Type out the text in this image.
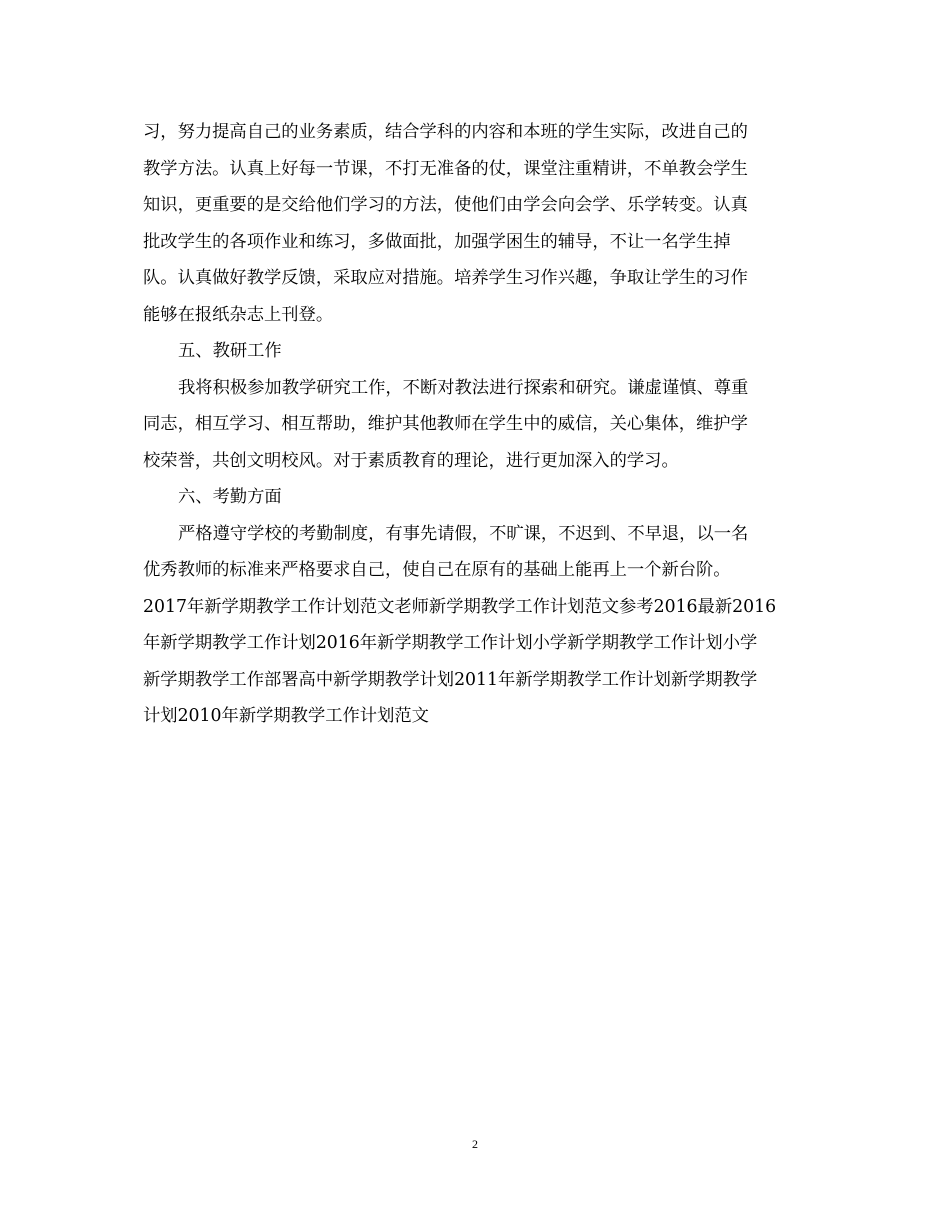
习，努力提高自己的业务素质，结合学科的内容和本班的学生实际，改进自己的
教学方法。认真上好每一节课，不打无准备的仗，课堂注重精讲，不单教会学生
知识，更重要的是交给他们学习的方法，使他们由学会向会学、乐学转变。认真
批改学生的各项作业和练习，多做面批，加强学困生的辅导，不让一名学生掉
队。认真做好教学反馈，采取应对措施。培养学生习作兴趣，争取让学生的习作
能够在报纸杂志上刊登。
五、教研工作
我将积极参加教学研究工作，不断对教法进行探索和研究。谦虚谨慎、尊重
同志，相互学习、相互帮助，维护其他教师在学生中的威信，关心集体，维护学
校荣誉，共创文明校风。对于素质教育的理论，进行更加深入的学习。
六、考勤方面
严格遵守学校的考勤制度，有事先请假，不旷课，不迟到、不早退，以一名
优秀教师的标准来严格要求自己，使自己在原有的基础上能再上一个新台阶。
2017年新学期教学工作计划范文老师新学期教学工作计划范文参考2016最新2016
年新学期教学工作计划2016年新学期教学工作计划小学新学期教学工作计划小学
新学期教学工作部署高中新学期教学计划2011年新学期教学工作计划新学期教学
计划2010年新学期教学工作计划范文
2
